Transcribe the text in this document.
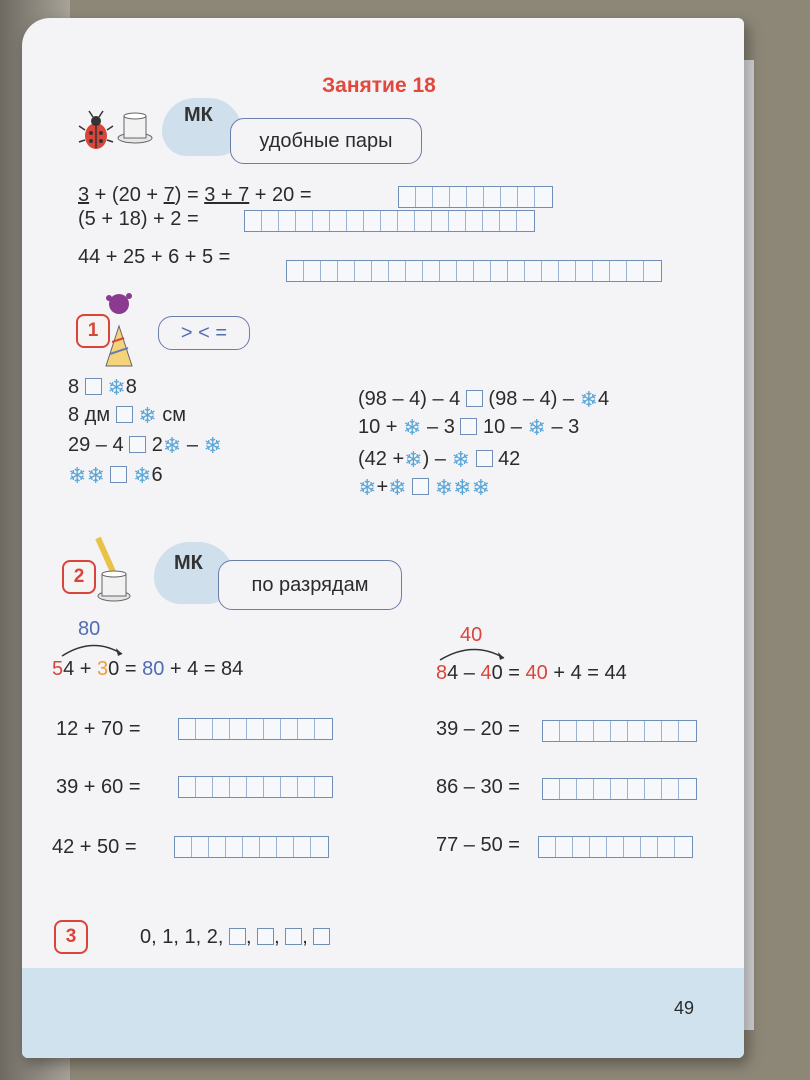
Занятие 18
МК
удобные пары
3 + (20 + 7) = 3 + 7 + 20 =
(5 + 18) + 2 =
44 + 25 + 6 + 5 =
1	> < =
8 ❄8
8 дм ❄ см
29 – 4 2❄ – ❄
❄❄ ❄6
(98 – 4) – 4 (98 – 4) – ❄4
10 + ❄ – 3 10 – ❄ – 3
(42 +❄) – ❄ 42
❄+❄ ❄❄❄
2
МК
по разрядам
80
54 + 30 = 80 + 4 = 84
40
84 – 40 = 40 + 4 = 44
12 + 70 =
39 + 60 =
42 + 50 =
39 – 20 =
86 – 30 =
77 – 50 =
3	0, 1, 1, 2, , , ,
49
